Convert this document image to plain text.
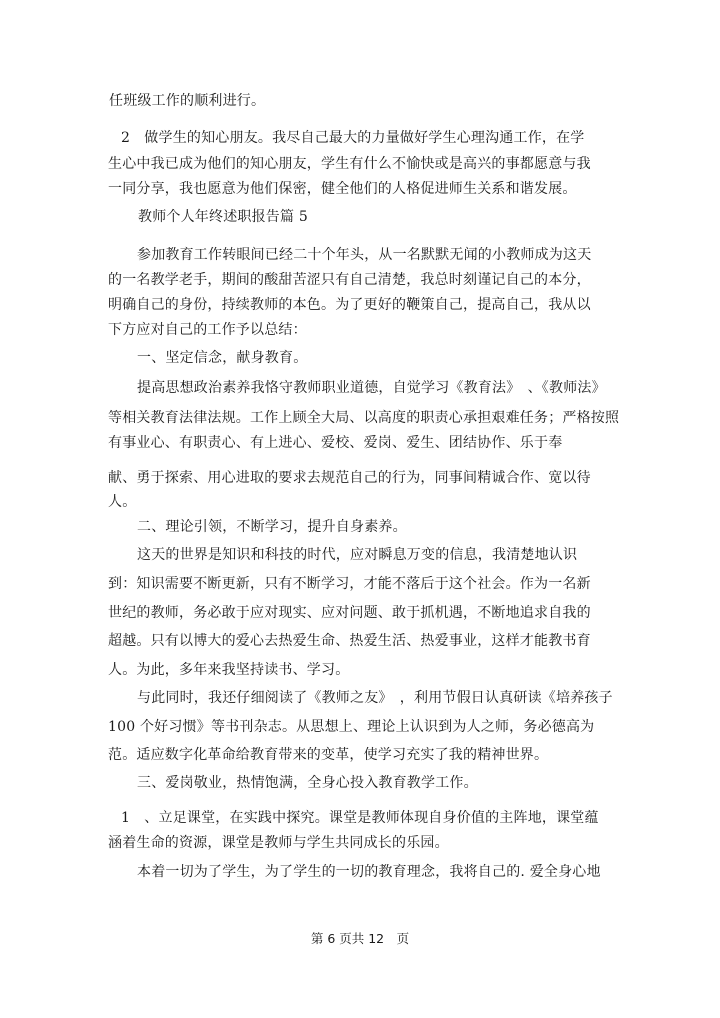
任班级工作的顺利进行。
2　做学生的知心朋友。我尽自己最大的力量做好学生心理沟通工作，在学
生心中我已成为他们的知心朋友，学生有什么不愉快或是高兴的事都愿意与我
一同分享，我也愿意为他们保密，健全他们的人格促进师生关系和谐发展。
教师个人年终述职报告篇 5
参加教育工作转眼间已经二十个年头，从一名默默无闻的小教师成为这天
的一名教学老手，期间的酸甜苦涩只有自己清楚，我总时刻谨记自己的本分，
明确自己的身份，持续教师的本色。为了更好的鞭策自己，提高自己，我从以
下方应对自己的工作予以总结：
一、坚定信念，献身教育。
提高思想政治素养我恪守教师职业道德，自觉学习《教育法》　、《教师法》
等相关教育法律法规。工作上顾全大局、以高度的职责心承担艰难任务；严格按照
有事业心、有职责心、有上进心、爱校、爱岗、爱生、团结协作、乐于奉
献、勇于探索、用心进取的要求去规范自己的行为，同事间精诚合作、宽以待
人。
二、理论引领，不断学习，提升自身素养。
这天的世界是知识和科技的时代，应对瞬息万变的信息，我清楚地认识
到：知识需要不断更新，只有不断学习，才能不落后于这个社会。作为一名新
世纪的教师，务必敢于应对现实、应对问题、敢于抓机遇，不断地追求自我的
超越。只有以博大的爱心去热爱生命、热爱生活、热爱事业，这样才能教书育
人。为此，多年来我坚持读书、学习。
与此同时，我还仔细阅读了《教师之友》　，利用节假日认真研读《培养孩子
100 个好习惯》等书刊杂志。从思想上、理论上认识到为人之师，务必德高为
范。适应数字化革命给教育带来的变革，使学习充实了我的精神世界。
三、爱岗敬业，热情饱满，全身心投入教育教学工作。
1　、立足课堂，在实践中探究。课堂是教师体现自身价值的主阵地，课堂蕴
涵着生命的资源，课堂是教师与学生共同成长的乐园。
本着一切为了学生，为了学生的一切的教育理念，我将自己的. 爱全身心地
第 6 页共 12　页
